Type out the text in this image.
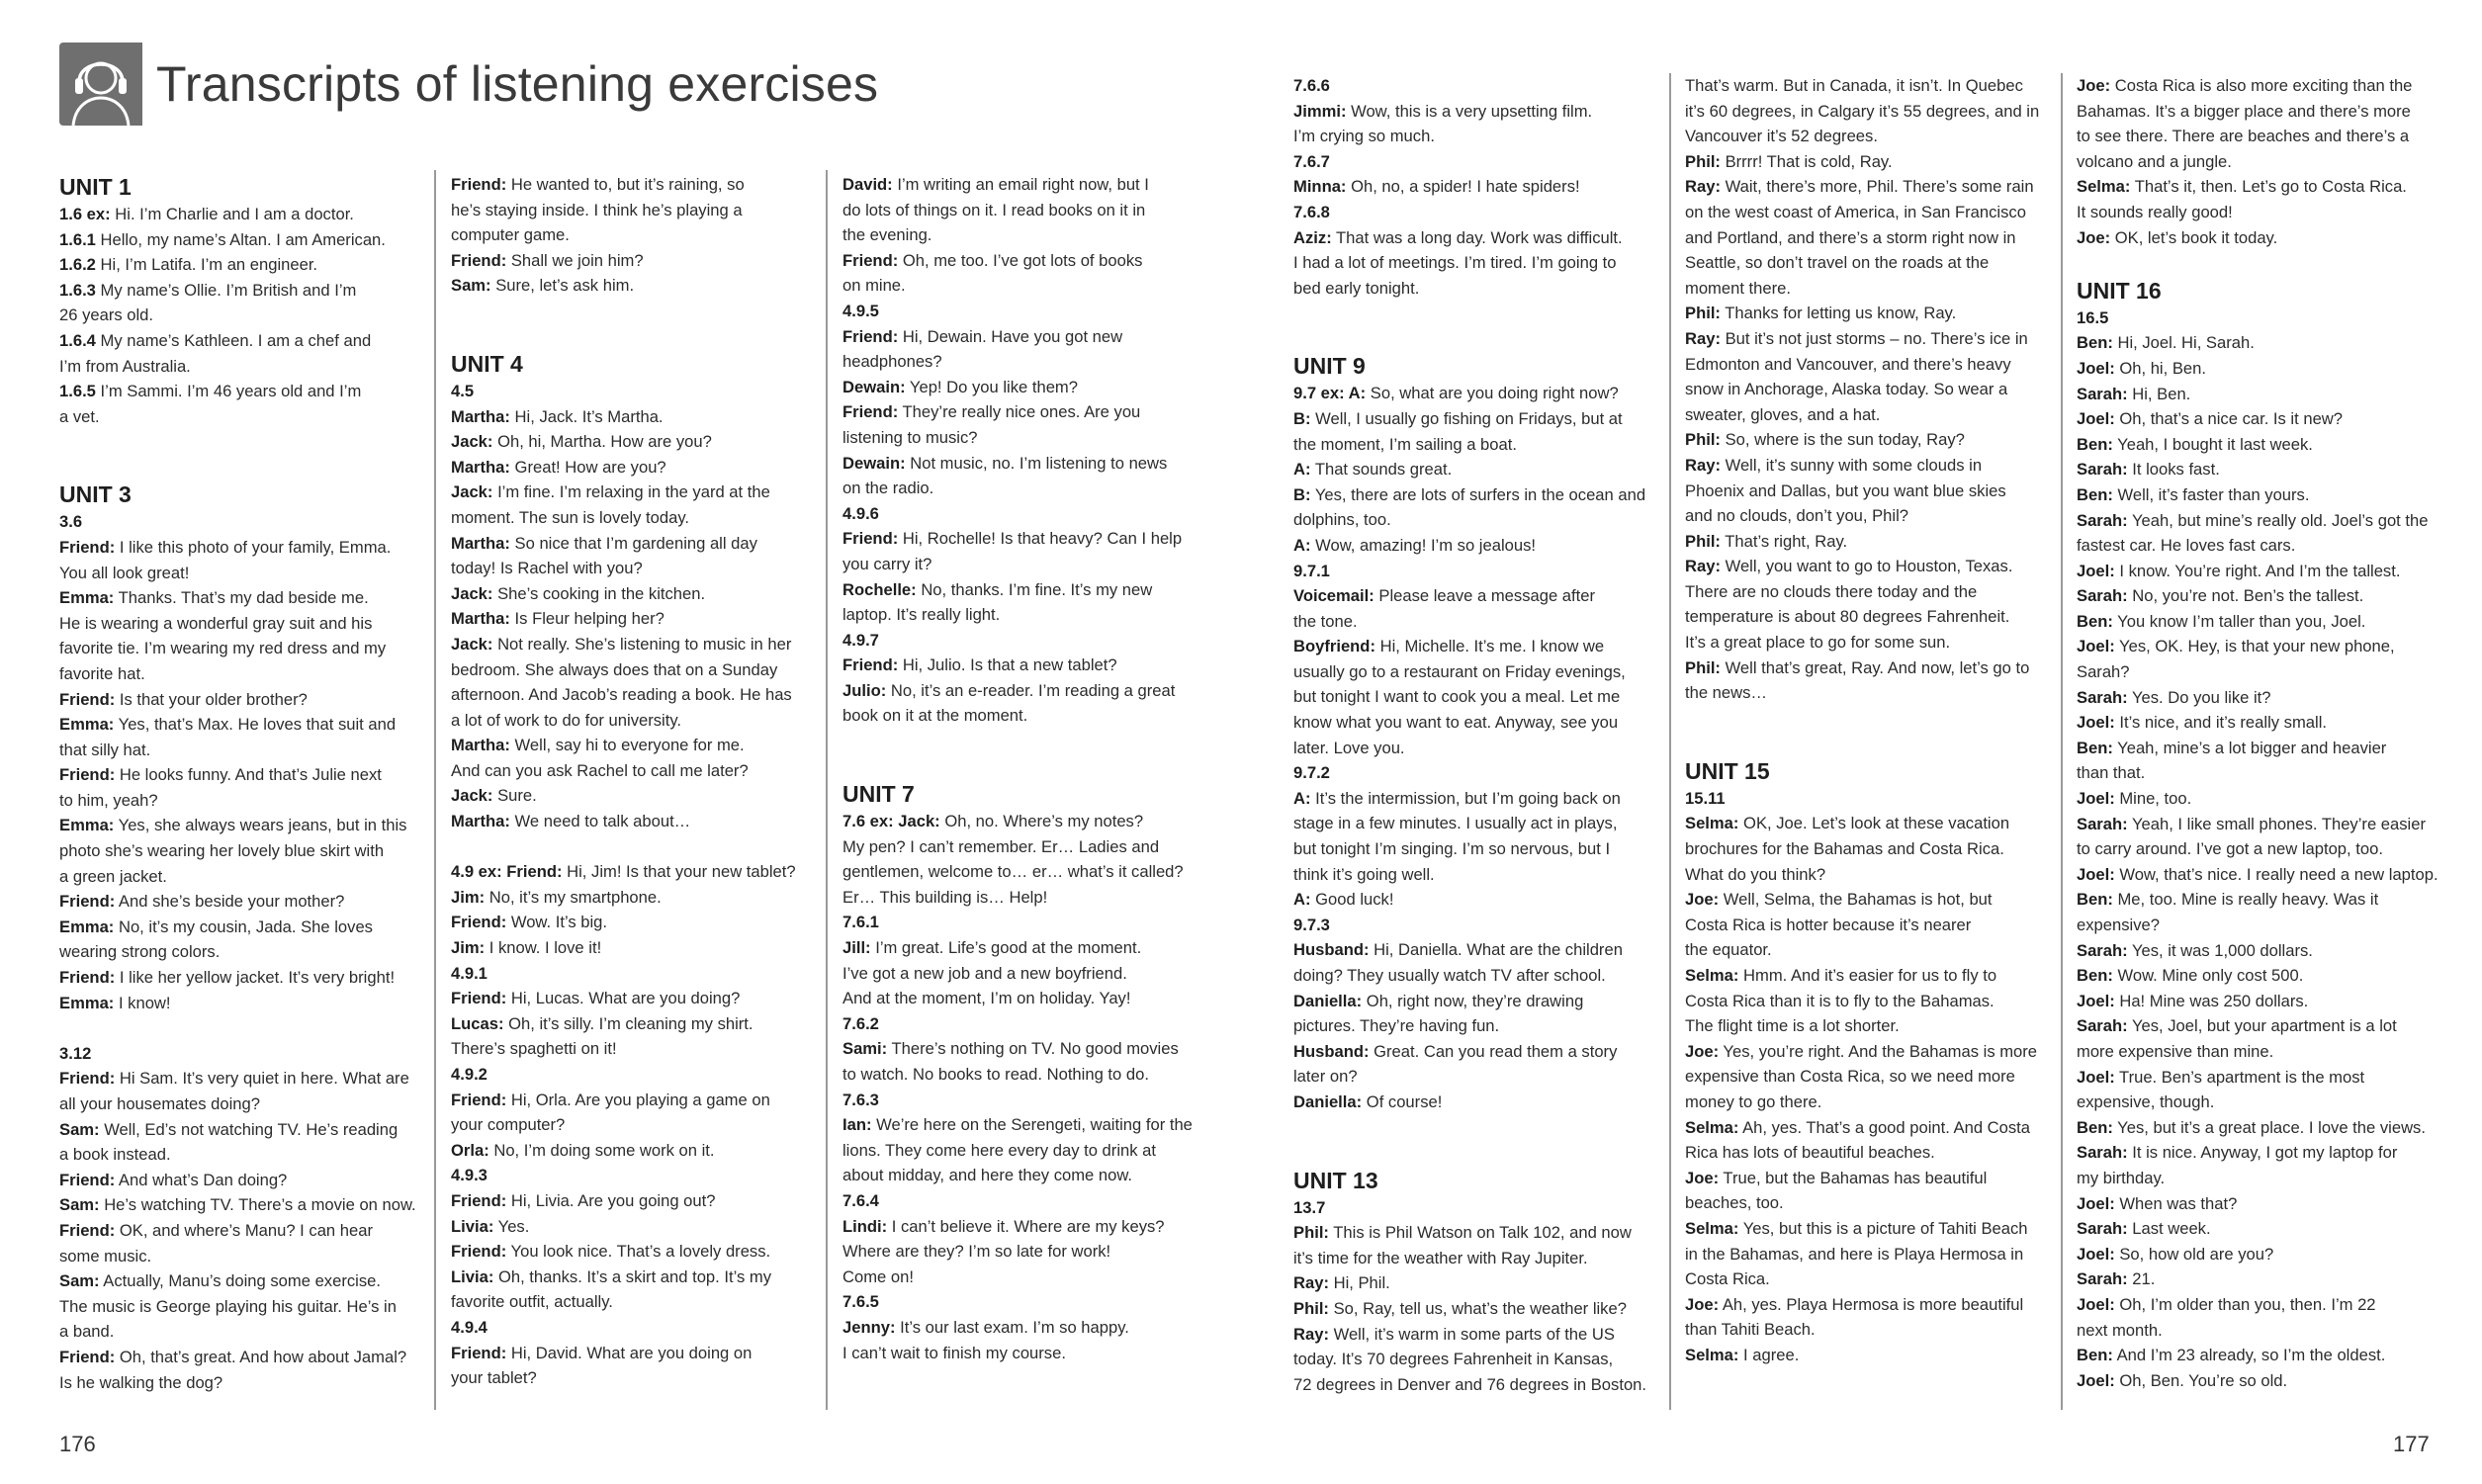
Transcripts of listening exercises

UNIT 1

1.6 ex: Hi. I’m Charlie and I am a doctor.

1.6.1 Hello, my name’s Altan. I am American.

1.6.2 Hi, I’m Latifa. I’m an engineer.

1.6.3 My name’s Ollie. I’m British and I’m

26 years old.

1.6.4 My name’s Kathleen. I am a chef and

I’m from Australia.

1.6.5 I’m Sammi. I’m 46 years old and I’m

a vet.

UNIT 3

3.6

Friend: I like this photo of your family, Emma.

You all look great!

Emma: Thanks. That’s my dad beside me.

He is wearing a wonderful gray suit and his

favorite tie. I’m wearing my red dress and my

favorite hat.

Friend: Is that your older brother?

Emma: Yes, that’s Max. He loves that suit and

that silly hat.

Friend: He looks funny. And that’s Julie next

to him, yeah?

Emma: Yes, she always wears jeans, but in this

photo she’s wearing her lovely blue skirt with

a green jacket.

Friend: And she’s beside your mother?

Emma: No, it’s my cousin, Jada. She loves

wearing strong colors.

Friend: I like her yellow jacket. It’s very bright!

Emma: I know!

3.12

Friend: Hi Sam. It’s very quiet in here. What are

all your housemates doing?

Sam: Well, Ed’s not watching TV. He’s reading

a book instead.

Friend: And what’s Dan doing?

Sam: He’s watching TV. There’s a movie on now.

Friend: OK, and where’s Manu? I can hear

some music.

Sam: Actually, Manu’s doing some exercise.

The music is George playing his guitar. He’s in

a band.

Friend: Oh, that’s great. And how about Jamal?

Is he walking the dog?

Friend: He wanted to, but it’s raining, so

he’s staying inside. I think he’s playing a

computer game.

Friend: Shall we join him?

Sam: Sure, let’s ask him.

UNIT 4

4.5

Martha: Hi, Jack. It’s Martha.

Jack: Oh, hi, Martha. How are you?

Martha: Great! How are you?

Jack: I’m fine. I’m relaxing in the yard at the

moment. The sun is lovely today.

Martha: So nice that I’m gardening all day

today! Is Rachel with you?

Jack: She’s cooking in the kitchen.

Martha: Is Fleur helping her?

Jack: Not really. She’s listening to music in her

bedroom. She always does that on a Sunday

afternoon. And Jacob’s reading a book. He has

a lot of work to do for university.

Martha: Well, say hi to everyone for me.

And can you ask Rachel to call me later?

Jack: Sure.

Martha: We need to talk about…

4.9 ex: Friend: Hi, Jim! Is that your new tablet?

Jim: No, it’s my smartphone.

Friend: Wow. It’s big.

Jim: I know. I love it!

4.9.1

Friend: Hi, Lucas. What are you doing?

Lucas: Oh, it’s silly. I’m cleaning my shirt.

There’s spaghetti on it!

4.9.2

Friend: Hi, Orla. Are you playing a game on

your computer?

Orla: No, I’m doing some work on it.

4.9.3

Friend: Hi, Livia. Are you going out?

Livia: Yes.

Friend: You look nice. That’s a lovely dress.

Livia: Oh, thanks. It’s a skirt and top. It’s my

favorite outfit, actually.

4.9.4

Friend: Hi, David. What are you doing on

your tablet?

David: I’m writing an email right now, but I

do lots of things on it. I read books on it in

the evening.

Friend: Oh, me too. I’ve got lots of books

on mine.

4.9.5

Friend: Hi, Dewain. Have you got new

headphones?

Dewain: Yep! Do you like them?

Friend: They’re really nice ones. Are you

listening to music?

Dewain: Not music, no. I’m listening to news

on the radio.

4.9.6

Friend: Hi, Rochelle! Is that heavy? Can I help

you carry it?

Rochelle: No, thanks. I’m fine. It’s my new

laptop. It’s really light.

4.9.7

Friend: Hi, Julio. Is that a new tablet?

Julio: No, it’s an e-reader. I’m reading a great

book on it at the moment.

UNIT 7

7.6 ex: Jack: Oh, no. Where’s my notes?

My pen? I can’t remember. Er… Ladies and

gentlemen, welcome to… er… what’s it called?

Er… This building is… Help!

7.6.1

Jill: I’m great. Life’s good at the moment.

I’ve got a new job and a new boyfriend.

And at the moment, I’m on holiday. Yay!

7.6.2

Sami: There’s nothing on TV. No good movies

to watch. No books to read. Nothing to do.

7.6.3

Ian: We’re here on the Serengeti, waiting for the

lions. They come here every day to drink at

about midday, and here they come now.

7.6.4

Lindi: I can’t believe it. Where are my keys?

Where are they? I’m so late for work!

Come on!

7.6.5

Jenny: It’s our last exam. I’m so happy.

I can’t wait to finish my course.

7.6.6

Jimmi: Wow, this is a very upsetting film.

I’m crying so much.

7.6.7

Minna: Oh, no, a spider! I hate spiders!

7.6.8

Aziz: That was a long day. Work was difficult.

I had a lot of meetings. I’m tired. I’m going to

bed early tonight.

UNIT 9

9.7 ex: A: So, what are you doing right now?

B: Well, I usually go fishing on Fridays, but at

the moment, I’m sailing a boat.

A: That sounds great.

B: Yes, there are lots of surfers in the ocean and

dolphins, too.

A: Wow, amazing! I’m so jealous!

9.7.1

Voicemail: Please leave a message after

the tone.

Boyfriend: Hi, Michelle. It’s me. I know we

usually go to a restaurant on Friday evenings,

but tonight I want to cook you a meal. Let me

know what you want to eat. Anyway, see you

later. Love you.

9.7.2

A: It’s the intermission, but I’m going back on

stage in a few minutes. I usually act in plays,

but tonight I’m singing. I’m so nervous, but I

think it’s going well.

A: Good luck!

9.7.3

Husband: Hi, Daniella. What are the children

doing? They usually watch TV after school.

Daniella: Oh, right now, they’re drawing

pictures. They’re having fun.

Husband: Great. Can you read them a story

later on?

Daniella: Of course!

UNIT 13

13.7

Phil: This is Phil Watson on Talk 102, and now

it’s time for the weather with Ray Jupiter.

Ray: Hi, Phil.

Phil: So, Ray, tell us, what’s the weather like?

Ray: Well, it’s warm in some parts of the US

today. It’s 70 degrees Fahrenheit in Kansas,

72 degrees in Denver and 76 degrees in Boston.

That’s warm. But in Canada, it isn’t. In Quebec

it’s 60 degrees, in Calgary it’s 55 degrees, and in

Vancouver it’s 52 degrees.

Phil: Brrrr! That is cold, Ray.

Ray: Wait, there’s more, Phil. There’s some rain

on the west coast of America, in San Francisco

and Portland, and there’s a storm right now in

Seattle, so don’t travel on the roads at the

moment there.

Phil: Thanks for letting us know, Ray.

Ray: But it’s not just storms – no. There’s ice in

Edmonton and Vancouver, and there’s heavy

snow in Anchorage, Alaska today. So wear a

sweater, gloves, and a hat.

Phil: So, where is the sun today, Ray?

Ray: Well, it’s sunny with some clouds in

Phoenix and Dallas, but you want blue skies

and no clouds, don’t you, Phil?

Phil: That’s right, Ray.

Ray: Well, you want to go to Houston, Texas.

There are no clouds there today and the

temperature is about 80 degrees Fahrenheit.

It’s a great place to go for some sun.

Phil: Well that’s great, Ray. And now, let’s go to

the news…

UNIT 15

15.11

Selma: OK, Joe. Let’s look at these vacation

brochures for the Bahamas and Costa Rica.

What do you think?

Joe: Well, Selma, the Bahamas is hot, but

Costa Rica is hotter because it’s nearer

the equator.

Selma: Hmm. And it’s easier for us to fly to

Costa Rica than it is to fly to the Bahamas.

The flight time is a lot shorter.

Joe: Yes, you’re right. And the Bahamas is more

expensive than Costa Rica, so we need more

money to go there.

Selma: Ah, yes. That’s a good point. And Costa

Rica has lots of beautiful beaches.

Joe: True, but the Bahamas has beautiful

beaches, too.

Selma: Yes, but this is a picture of Tahiti Beach

in the Bahamas, and here is Playa Hermosa in

Costa Rica.

Joe: Ah, yes. Playa Hermosa is more beautiful

than Tahiti Beach.

Selma: I agree.

Joe: Costa Rica is also more exciting than the

Bahamas. It’s a bigger place and there’s more

to see there. There are beaches and there’s a

volcano and a jungle.

Selma: That’s it, then. Let’s go to Costa Rica.

It sounds really good!

Joe: OK, let’s book it today.

UNIT 16

16.5

Ben: Hi, Joel. Hi, Sarah.

Joel: Oh, hi, Ben.

Sarah: Hi, Ben.

Joel: Oh, that’s a nice car. Is it new?

Ben: Yeah, I bought it last week.

Sarah: It looks fast.

Ben: Well, it’s faster than yours.

Sarah: Yeah, but mine’s really old. Joel’s got the

fastest car. He loves fast cars.

Joel: I know. You’re right. And I’m the tallest.

Sarah: No, you’re not. Ben’s the tallest.

Ben: You know I’m taller than you, Joel.

Joel: Yes, OK. Hey, is that your new phone, Sarah?

Sarah: Yes. Do you like it?

Joel: It’s nice, and it’s really small.

Ben: Yeah, mine’s a lot bigger and heavier

than that.

Joel: Mine, too.

Sarah: Yeah, I like small phones. They’re easier

to carry around. I’ve got a new laptop, too.

Joel: Wow, that’s nice. I really need a new laptop.

Ben: Me, too. Mine is really heavy. Was it

expensive?

Sarah: Yes, it was 1,000 dollars.

Ben: Wow. Mine only cost 500.

Joel: Ha! Mine was 250 dollars.

Sarah: Yes, Joel, but your apartment is a lot

more expensive than mine.

Joel: True. Ben’s apartment is the most

expensive, though.

Ben: Yes, but it’s a great place. I love the views.

Sarah: It is nice. Anyway, I got my laptop for

my birthday.

Joel: When was that?

Sarah: Last week.

Joel: So, how old are you?

Sarah: 21.

Joel: Oh, I’m older than you, then. I’m 22

next month.

Ben: And I’m 23 already, so I’m the oldest.

Joel: Oh, Ben. You’re so old.

176	177
